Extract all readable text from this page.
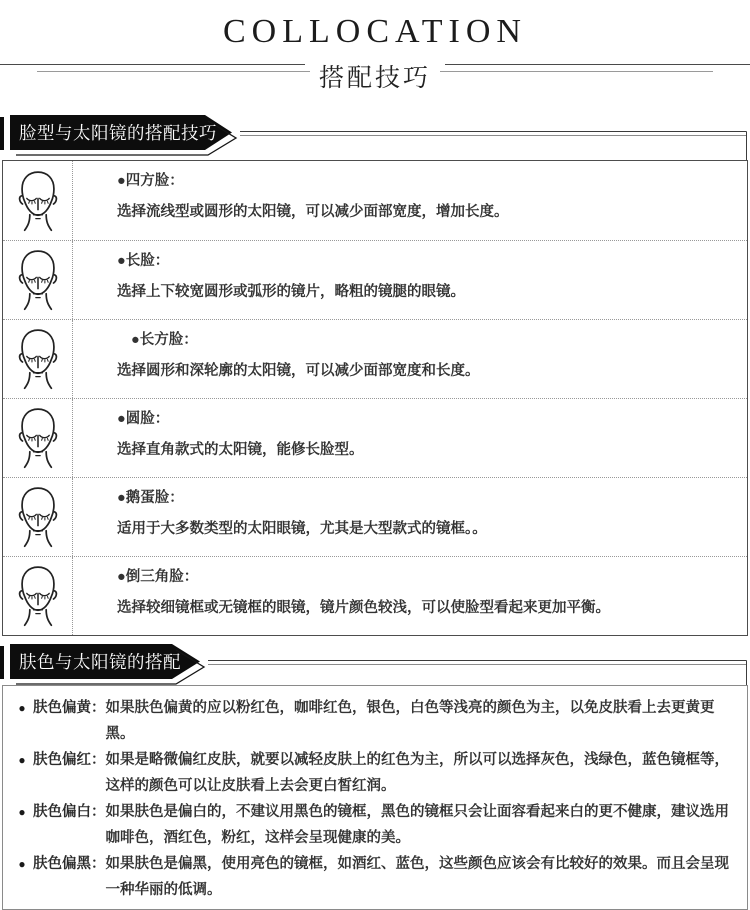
COLLOCATION
搭配技巧
脸型与太阳镜的搭配技巧
●四方脸：
选择流线型或圆形的太阳镜，可以减少面部宽度，增加长度。
●长脸：
选择上下较宽圆形或弧形的镜片，略粗的镜腿的眼镜。
●长方脸：
选择圆形和深轮廓的太阳镜，可以减少面部宽度和长度。
●圆脸：
选择直角款式的太阳镜，能修长脸型。
●鹅蛋脸：
适用于大多数类型的太阳眼镜，尤其是大型款式的镜框。。
●倒三角脸：
选择较细镜框或无镜框的眼镜，镜片颜色较浅，可以使脸型看起来更加平衡。
肤色与太阳镜的搭配
● 肤色偏黄： 如果肤色偏黄的应以粉红色，咖啡红色，银色，白色等浅亮的颜色为主，以免皮肤看上去更黄更黑。
● 肤色偏红： 如果是略微偏红皮肤，就要以减轻皮肤上的红色为主，所以可以选择灰色，浅绿色，蓝色镜框等，这样的颜色可以让皮肤看上去会更白皙红润。
● 肤色偏白： 如果肤色是偏白的，不建议用黑色的镜框，黑色的镜框只会让面容看起来白的更不健康，建议选用咖啡色，酒红色，粉红，这样会呈现健康的美。
● 肤色偏黑： 如果肤色是偏黑，使用亮色的镜框，如酒红、蓝色，这些颜色应该会有比较好的效果。而且会呈现一种华丽的低调。
